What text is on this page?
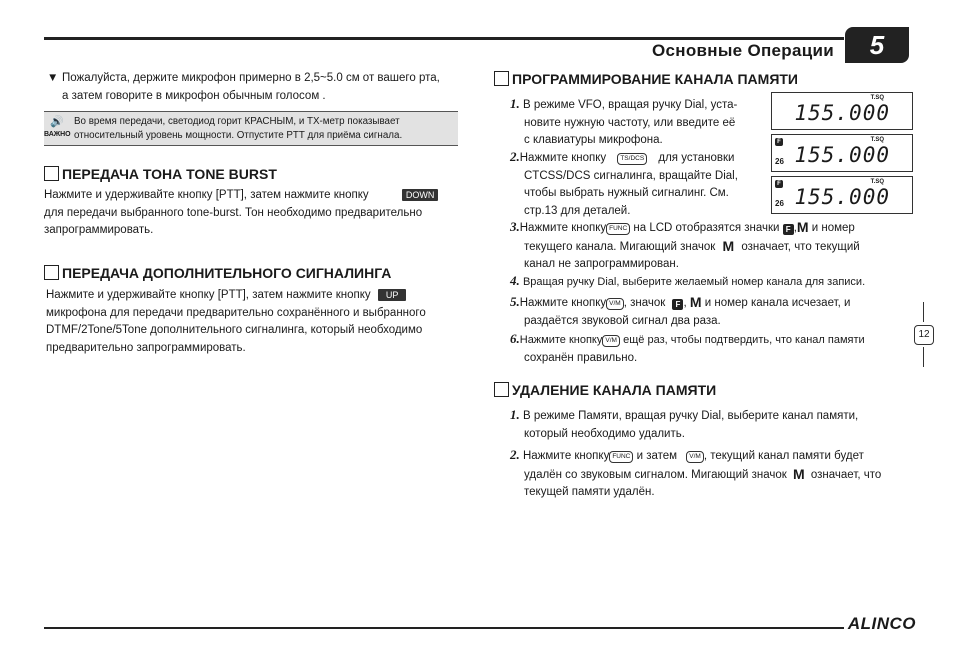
Основные Операции	5
▼ Пожалуйста, держите микрофон примерно в 2,5~5.0 см от вашего рта,
а затем говорите в микрофон обычным голосом .
🔊
ВАЖНО
Во время передачи, светодиод горит КРАСНЫМ, и TX-метр показывает
относительный уровень мощности. Отпустите PTT для приёма сигнала.
ПЕРЕДАЧА ТОНА TONE BURST
Нажмите и удерживайте кнопку [PTT], затем нажмите кнопку	DOWN
для передачи выбранного tone-burst. Тон необходимо предварительно
запрограммировать.
ПЕРЕДАЧА ДОПОЛНИТЕЛЬНОГО СИГНАЛИНГА
Нажмите и удерживайте кнопку [PTT], затем нажмите кнопку UP
микрофона для передачи предварительно сохранённого и выбранного
DTMF/2Tone/5Tone дополнительного сигналинга, который необходимо
предварительно запрограммировать.
ПРОГРАММИРОВАНИЕ КАНАЛА ПАМЯТИ
1. В режиме VFO, вращая ручку Dial, уста-
новите нужную частоту, или введите её
с клавиатуры микрофона.
2.Нажмите кнопку TS/DCS для установки
CTCSS/DCS сигналинга, вращайте Dial,
чтобы выбрать нужный сигналинг. См.
стр.13 для деталей.
T.SQ
155.000
F	T.SQ
26 155.000
F	T.SQ
26 155.000
3.Нажмите кнопку FUNC на LCD отобразятся значки F ,M и номер
текущего канала. Мигающий значок M означает, что текущий
канал не запрограммирован.
4. Вращая ручку Dial, выберите желаемый номер канала для записи.
5.Нажмите кнопку V/M , значок F , M и номер канала исчезает, и
раздаётся звуковой сигнал два раза.
6.Нажмите кнопку V/M ещё раз, чтобы подтвердить, что канал памяти
сохранён правильно.
УДАЛЕНИЕ КАНАЛА ПАМЯТИ
1. В режиме Памяти, вращая ручку Dial, выберите канал памяти,
который необходимо удалить.
2. Нажмите кнопку FUNC и затем V/M , текущий канал памяти будет
удалён со звуковым сигналом. Мигающий значок M означает, что
текущей памяти удалён.
12
ALINCO
